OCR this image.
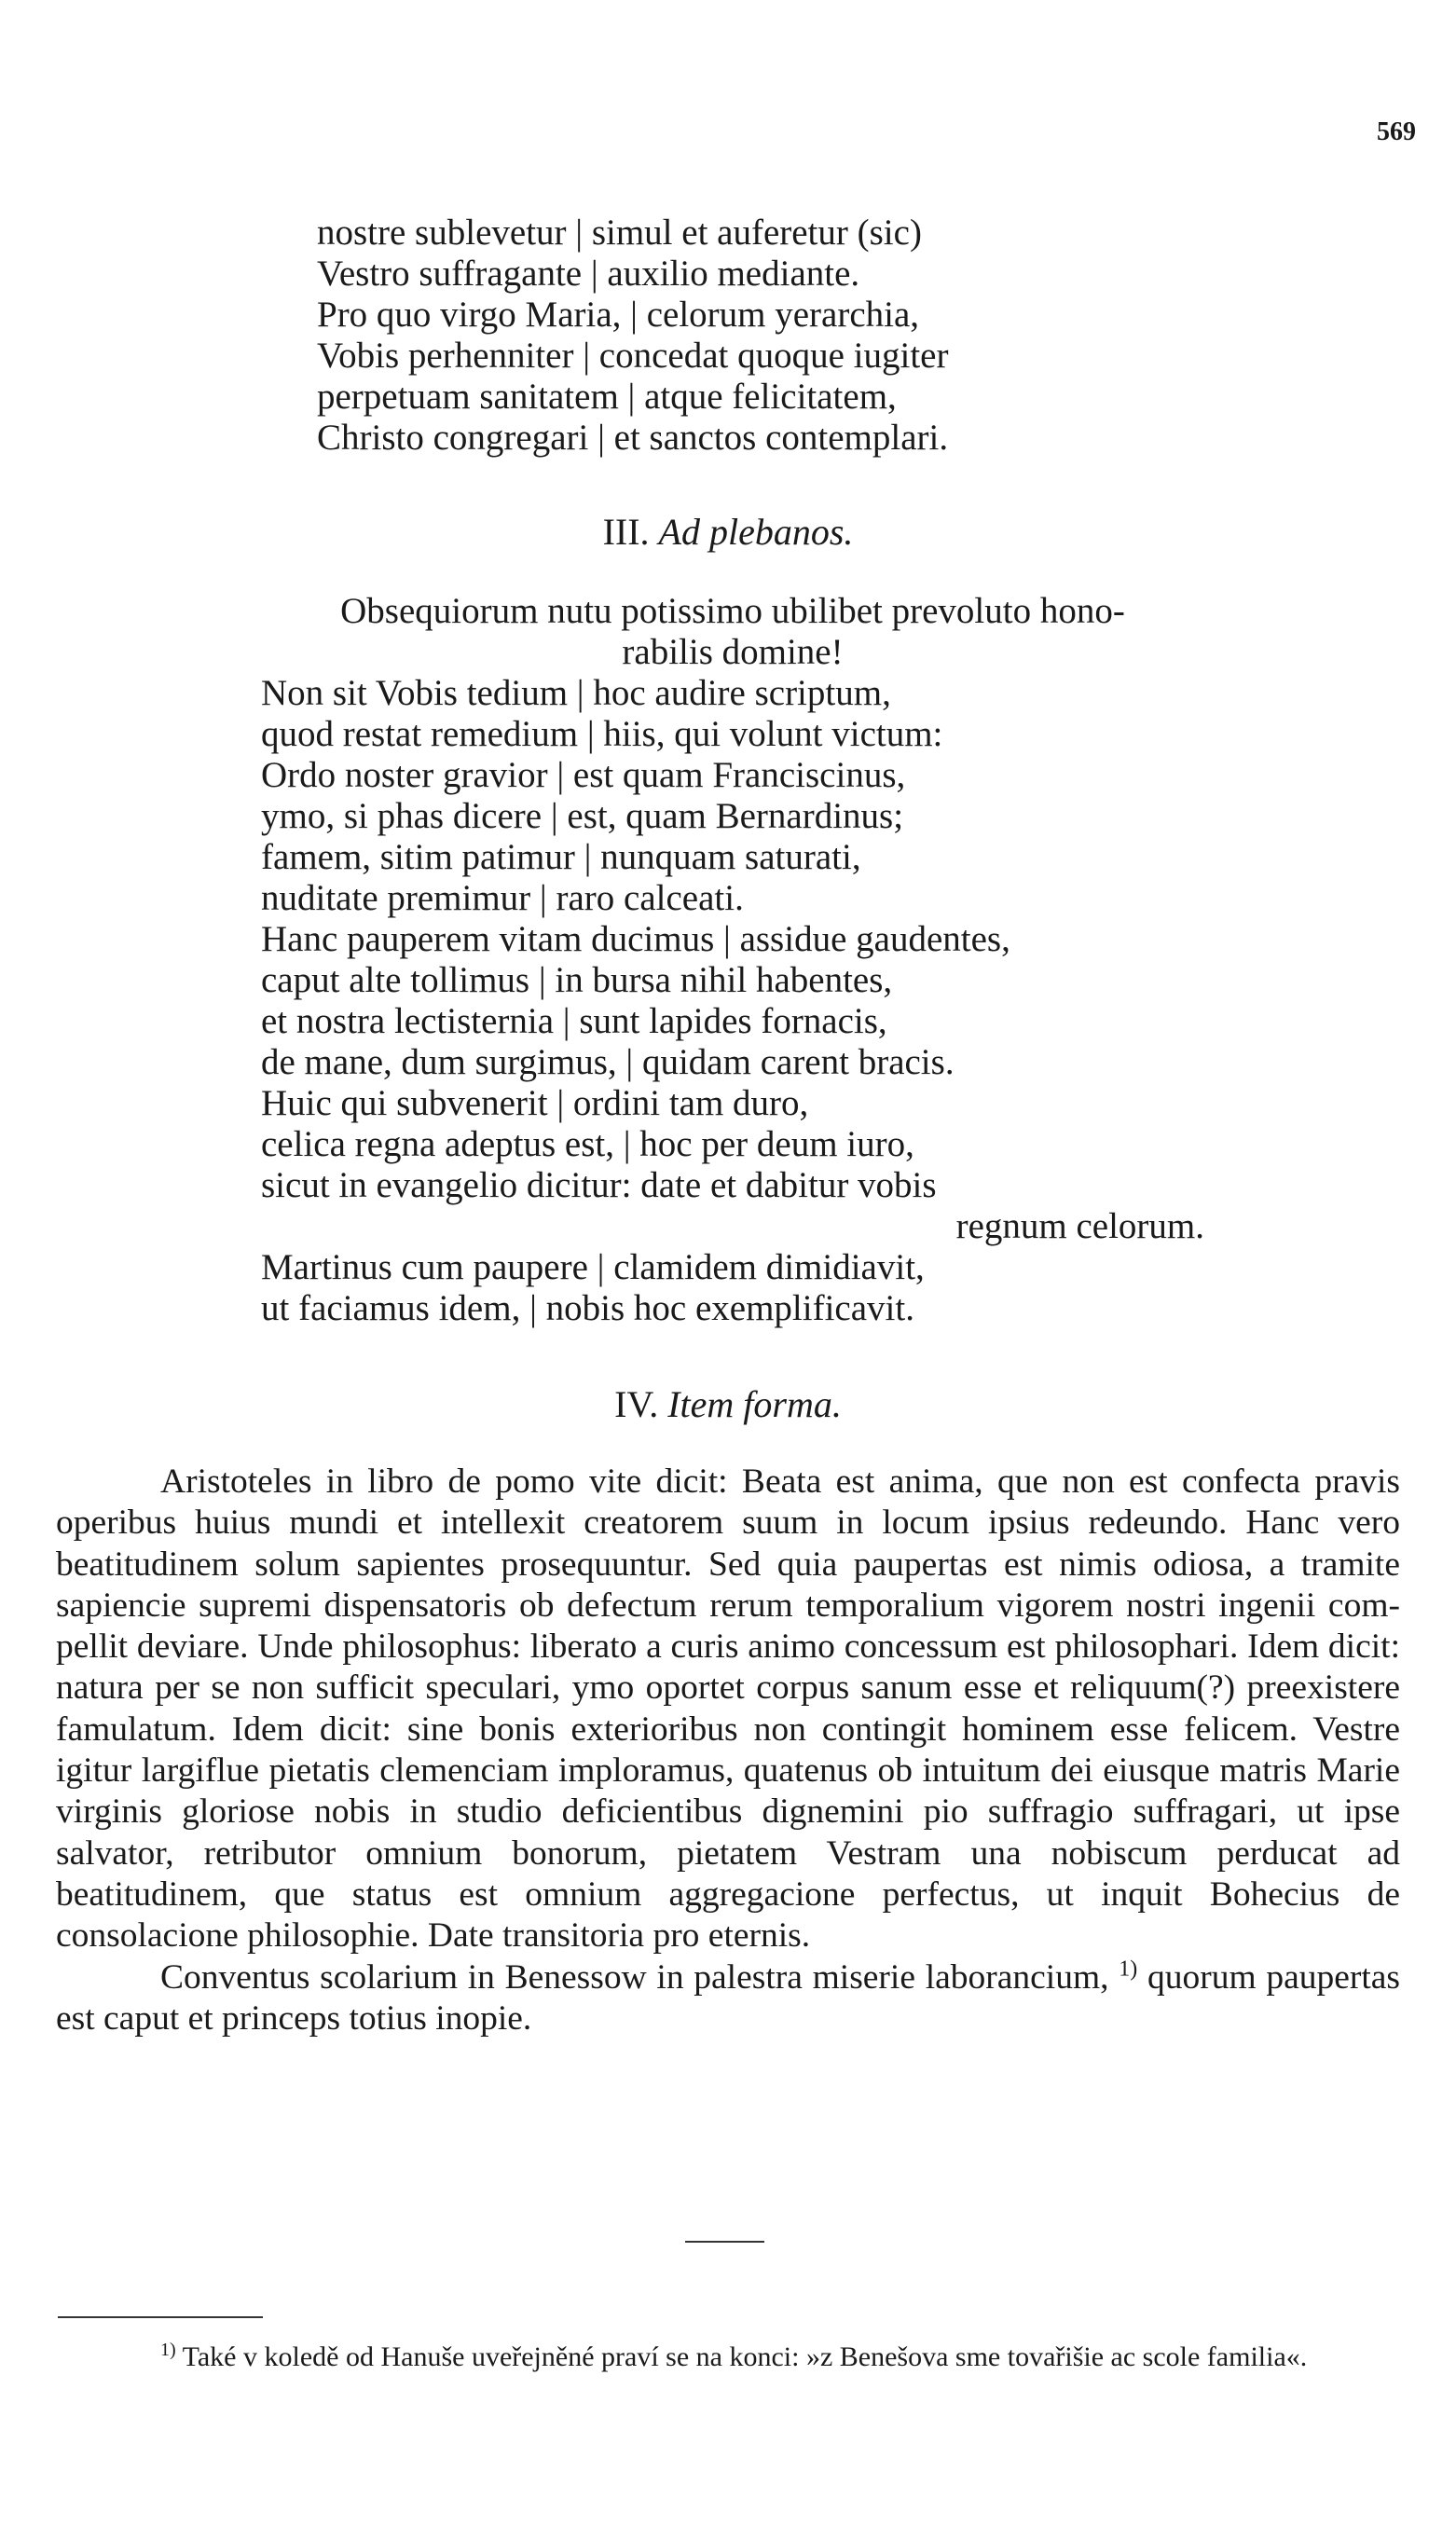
569
nostre sublevetur | simul et auferetur (sic)
Vestro suffragante | auxilio mediante.
Pro quo virgo Maria, | celorum yerarchia,
Vobis perhenniter | concedat quoque iugiter
perpetuam sanitatem | atque felicitatem,
Christo congregari | et sanctos contemplari.
III. Ad plebanos.
Obsequiorum nutu potissimo ubilibet prevoluto hono-
rabilis domine!
Non sit Vobis tedium | hoc audire scriptum,
quod restat remedium | hiis, qui volunt victum:
Ordo noster gravior | est quam Franciscinus,
ymo, si phas dicere | est, quam Bernardinus;
famem, sitim patimur | nunquam saturati,
nuditate premimur | raro calceati.
Hanc pauperem vitam ducimus | assidue gaudentes,
caput alte tollimus | in bursa nihil habentes,
et nostra lectisternia | sunt lapides fornacis,
de mane, dum surgimus, | quidam carent bracis.
Huic qui subvenerit | ordini tam duro,
celica regna adeptus est, | hoc per deum iuro,
sicut in evangelio dicitur: date et dabitur vobis
regnum celorum.
Martinus cum paupere | clamidem dimidiavit,
ut faciamus idem, | nobis hoc exemplificavit.
IV. Item forma.

Aristoteles in libro de pomo vite dicit: Beata est anima, que non est confecta pravis operibus huius mundi et intellexit creatorem suum in locum ipsius redeundo. Hanc vero beatitudinem solum sapientes prosequuntur. Sed quia paupertas est nimis odiosa, a tramite sapiencie supremi dispensatoris ob defectum rerum temporalium vigorem nostri ingenii compellit deviare. Unde philosophus: liberato a curis animo concessum est philosophari. Idem dicit: natura per se non sufficit speculari, ymo oportet corpus sanum esse et reliquum(?) preexistere famulatum. Idem dicit: sine bonis exterioribus non contingit hominem esse felicem. Vestre igitur largiflue pietatis clemenciam imploramus, quatenus ob intuitum dei eiusque matris Marie virginis gloriose nobis in studio deficientibus dignemini pio suffragio suffragari, ut ipse salvator, retributor omnium bonorum, pietatem Vestram una nobiscum perducat ad beatitudinem, que status est omnium aggregacione perfectus, ut inquit Bohecius de consolacione philosophie. Date transitoria pro eternis.

Conventus scolarium in Benessow in palestra miserie laborancium, $^{1)}$ quorum paupertas est caput et princeps totius inopie.

$^{1)}$ Také v koledě od Hanuše uveřejněné praví se na konci: »z Benešova sme tovařišie ac scole familia«.
